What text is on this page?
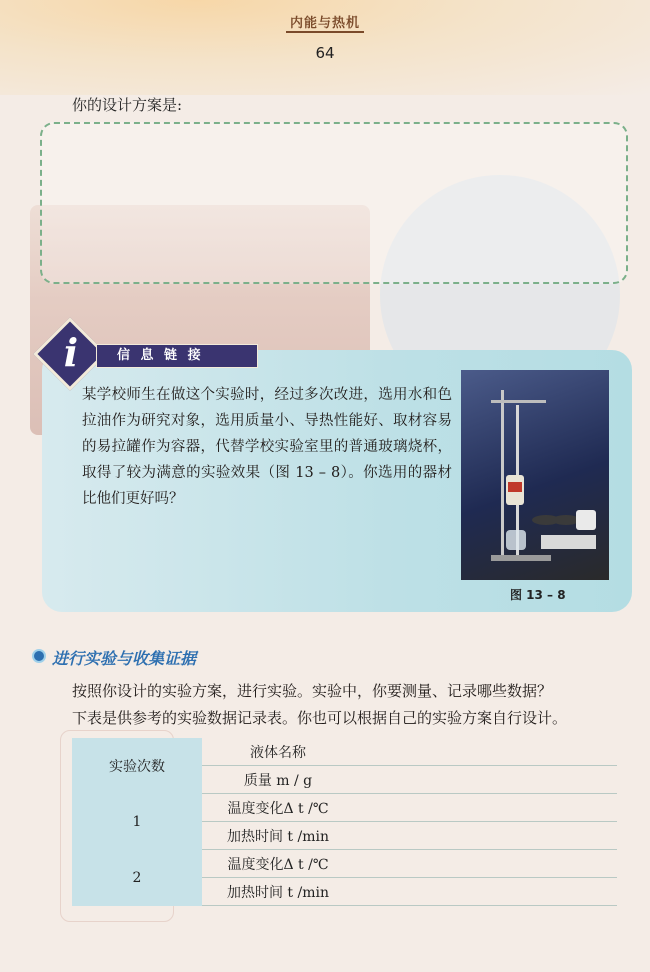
内能与热机
64
你的设计方案是:
i	信 息 链 接
某学校师生在做这个实验时，经过多次改进，选用水和色拉油作为研究对象，选用质量小、导热性能好、取材容易的易拉罐作为容器，代替学校实验室里的普通玻璃烧杯，取得了较为满意的实验效果（图 13 – 8）。你选用的器材比他们更好吗？
图 13 – 8
进行实验与收集证据

按照你设计的实验方案，进行实验。实验中，你要测量、记录哪些数据？

下表是供参考的实验数据记录表。你也可以根据自己的实验方案自行设计。

实验次数	液体名称		
	质量 m / g		
1	温度变化Δ t /℃		
	加热时间 t /min		
2	温度变化Δ t /℃		
	加热时间 t /min		
